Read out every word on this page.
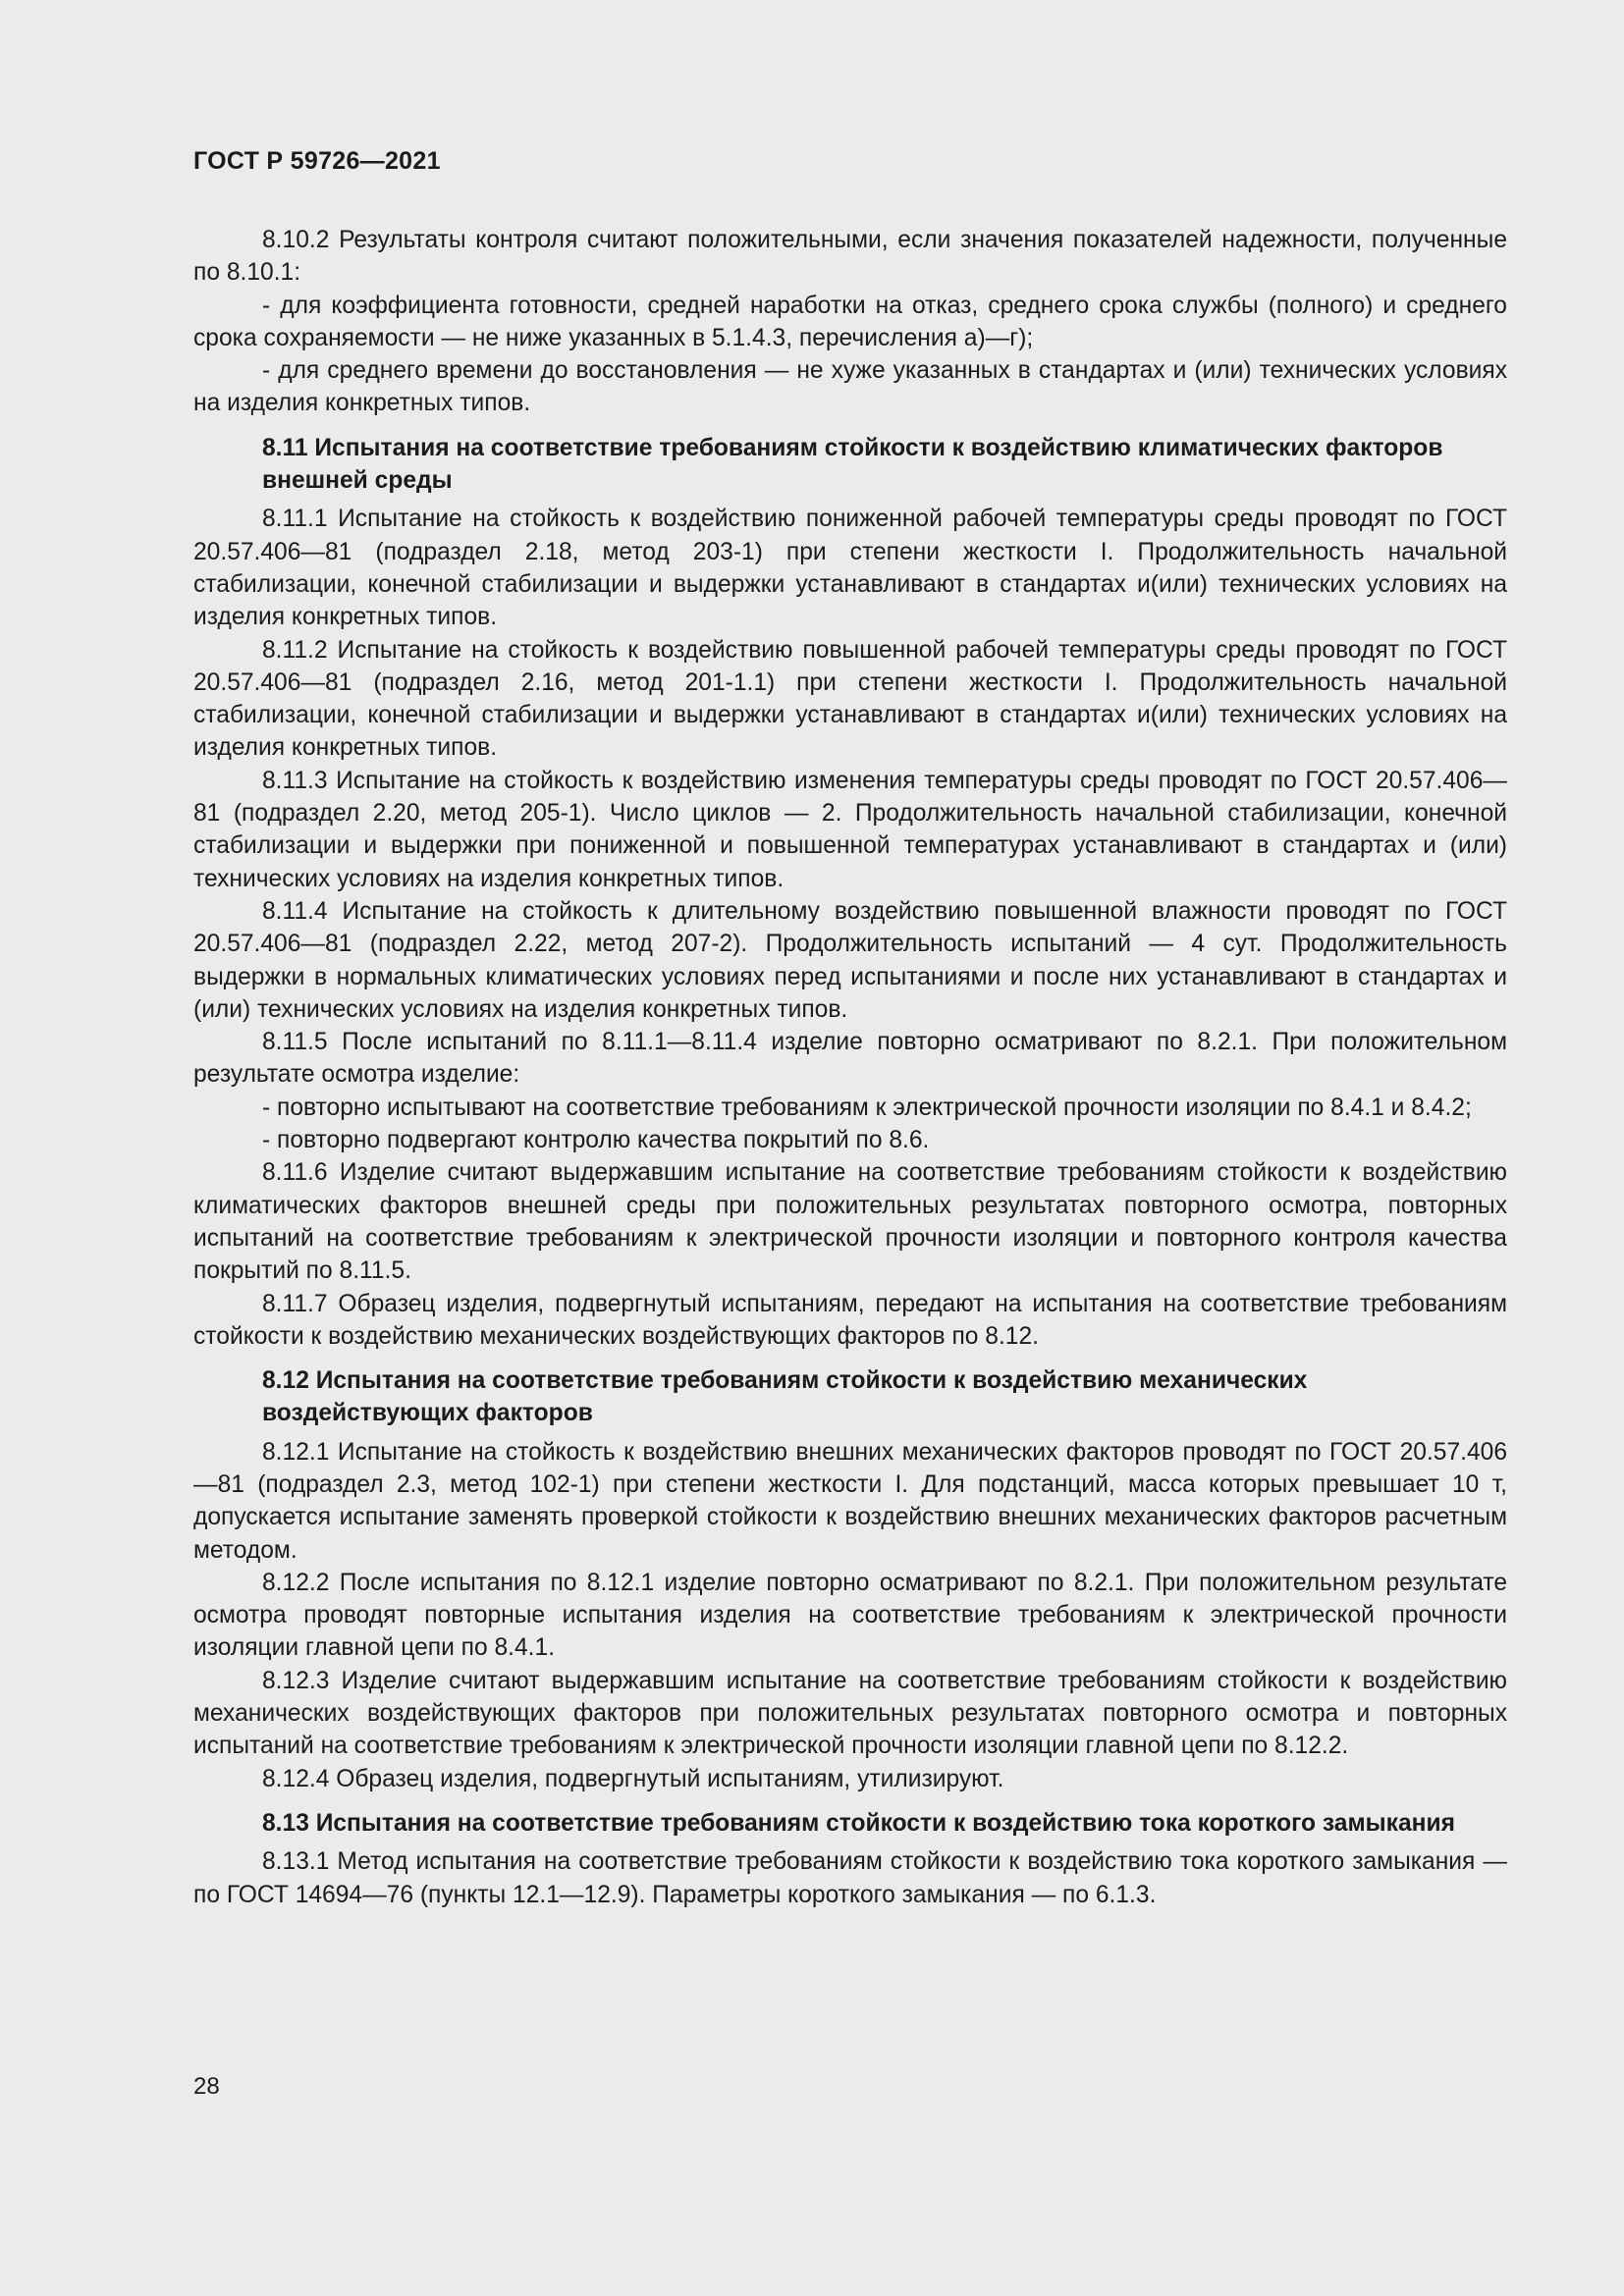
ГОСТ Р 59726—2021

8.10.2 Результаты контроля считают положительными, если значения показателей надежности, полученные по 8.10.1:

- для коэффициента готовности, средней наработки на отказ, среднего срока службы (полного) и среднего срока сохраняемости — не ниже указанных в 5.1.4.3, перечисления а)—г);

- для среднего времени до восстановления — не хуже указанных в стандартах и (или) технических условиях на изделия конкретных типов.

8.11 Испытания на соответствие требованиям стойкости к воздействию климатических факторов внешней среды

8.11.1 Испытание на стойкость к воздействию пониженной рабочей температуры среды проводят по ГОСТ 20.57.406—81 (подраздел 2.18, метод 203-1) при степени жесткости I. Продолжительность начальной стабилизации, конечной стабилизации и выдержки устанавливают в стандартах и(или) технических условиях на изделия конкретных типов.

8.11.2 Испытание на стойкость к воздействию повышенной рабочей температуры среды проводят по ГОСТ 20.57.406—81 (подраздел 2.16, метод 201-1.1) при степени жесткости I. Продолжительность начальной стабилизации, конечной стабилизации и выдержки устанавливают в стандартах и(или) технических условиях на изделия конкретных типов.

8.11.3 Испытание на стойкость к воздействию изменения температуры среды проводят по ГОСТ 20.57.406—81 (подраздел 2.20, метод 205-1). Число циклов — 2. Продолжительность начальной стабилизации, конечной стабилизации и выдержки при пониженной и повышенной температурах устанавливают в стандартах и (или) технических условиях на изделия конкретных типов.

8.11.4 Испытание на стойкость к длительному воздействию повышенной влажности проводят по ГОСТ 20.57.406—81 (подраздел 2.22, метод 207-2). Продолжительность испытаний — 4 сут. Продолжительность выдержки в нормальных климатических условиях перед испытаниями и после них устанавливают в стандартах и (или) технических условиях на изделия конкретных типов.

8.11.5 После испытаний по 8.11.1—8.11.4 изделие повторно осматривают по 8.2.1. При положительном результате осмотра изделие:

- повторно испытывают на соответствие требованиям к электрической прочности изоляции по 8.4.1 и 8.4.2;

- повторно подвергают контролю качества покрытий по 8.6.

8.11.6 Изделие считают выдержавшим испытание на соответствие требованиям стойкости к воздействию климатических факторов внешней среды при положительных результатах повторного осмотра, повторных испытаний на соответствие требованиям к электрической прочности изоляции и повторного контроля качества покрытий по 8.11.5.

8.11.7 Образец изделия, подвергнутый испытаниям, передают на испытания на соответствие требованиям стойкости к воздействию механических воздействующих факторов по 8.12.

8.12 Испытания на соответствие требованиям стойкости к воздействию механических воздействующих факторов

8.12.1 Испытание на стойкость к воздействию внешних механических факторов проводят по ГОСТ 20.57.406—81 (подраздел 2.3, метод 102-1) при степени жесткости I. Для подстанций, масса которых превышает 10 т, допускается испытание заменять проверкой стойкости к воздействию внешних механических факторов расчетным методом.

8.12.2 После испытания по 8.12.1 изделие повторно осматривают по 8.2.1. При положительном результате осмотра проводят повторные испытания изделия на соответствие требованиям к электрической прочности изоляции главной цепи по 8.4.1.

8.12.3 Изделие считают выдержавшим испытание на соответствие требованиям стойкости к воздействию механических воздействующих факторов при положительных результатах повторного осмотра и повторных испытаний на соответствие требованиям к электрической прочности изоляции главной цепи по 8.12.2.

8.12.4 Образец изделия, подвергнутый испытаниям, утилизируют.

8.13 Испытания на соответствие требованиям стойкости к воздействию тока короткого замыкания

8.13.1 Метод испытания на соответствие требованиям стойкости к воздействию тока короткого замыкания — по ГОСТ 14694—76 (пункты 12.1—12.9). Параметры короткого замыкания — по 6.1.3.

28
